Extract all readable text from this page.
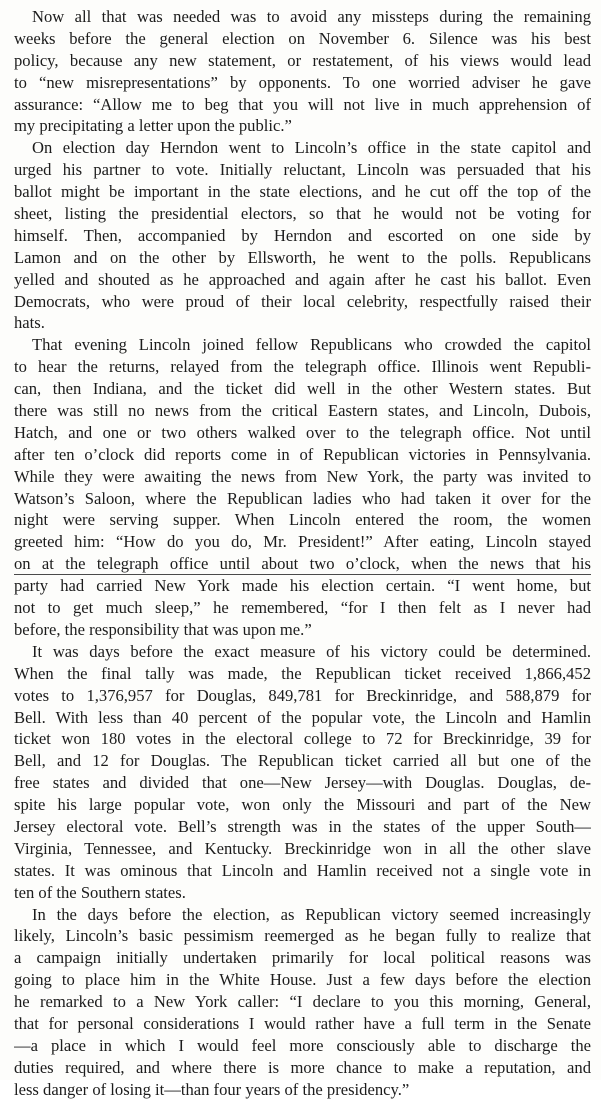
Now all that was needed was to avoid any missteps during the remaining
weeks before the general election on November 6. Silence was his best
policy, because any new statement, or restatement, of his views would lead
to “new misrepresentations” by opponents. To one worried adviser he gave
assurance: “Allow me to beg that you will not live in much apprehension of
my precipitating a letter upon the public.”
On election day Herndon went to Lincoln’s office in the state capitol and
urged his partner to vote. Initially reluctant, Lincoln was persuaded that his
ballot might be important in the state elections, and he cut off the top of the
sheet, listing the presidential electors, so that he would not be voting for
himself. Then, accompanied by Herndon and escorted on one side by
Lamon and on the other by Ellsworth, he went to the polls. Republicans
yelled and shouted as he approached and again after he cast his ballot. Even
Democrats, who were proud of their local celebrity, respectfully raised their
hats.
That evening Lincoln joined fellow Republicans who crowded the capitol
to hear the returns, relayed from the telegraph office. Illinois went Republi-
can, then Indiana, and the ticket did well in the other Western states. But
there was still no news from the critical Eastern states, and Lincoln, Dubois,
Hatch, and one or two others walked over to the telegraph office. Not until
after ten o’clock did reports come in of Republican victories in Pennsylvania.
While they were awaiting the news from New York, the party was invited to
Watson’s Saloon, where the Republican ladies who had taken it over for the
night were serving supper. When Lincoln entered the room, the women
greeted him: “How do you do, Mr. President!” After eating, Lincoln stayed
on at the telegraph office until about two o’clock, when the news that his
party had carried New York made his election certain. “I went home, but
not to get much sleep,” he remembered, “for I then felt as I never had
before, the responsibility that was upon me.”
It was days before the exact measure of his victory could be determined.
When the final tally was made, the Republican ticket received 1,866,452
votes to 1,376,957 for Douglas, 849,781 for Breckinridge, and 588,879 for
Bell. With less than 40 percent of the popular vote, the Lincoln and Hamlin
ticket won 180 votes in the electoral college to 72 for Breckinridge, 39 for
Bell, and 12 for Douglas. The Republican ticket carried all but one of the
free states and divided that one—New Jersey—with Douglas. Douglas, de-
spite his large popular vote, won only the Missouri and part of the New
Jersey electoral vote. Bell’s strength was in the states of the upper South—
Virginia, Tennessee, and Kentucky. Breckinridge won in all the other slave
states. It was ominous that Lincoln and Hamlin received not a single vote in
ten of the Southern states.
In the days before the election, as Republican victory seemed increasingly
likely, Lincoln’s basic pessimism reemerged as he began fully to realize that
a campaign initially undertaken primarily for local political reasons was
going to place him in the White House. Just a few days before the election
he remarked to a New York caller: “I declare to you this morning, General,
that for personal considerations I would rather have a full term in the Senate
—a place in which I would feel more consciously able to discharge the
duties required, and where there is more chance to make a reputation, and
less danger of losing it—than four years of the presidency.”
